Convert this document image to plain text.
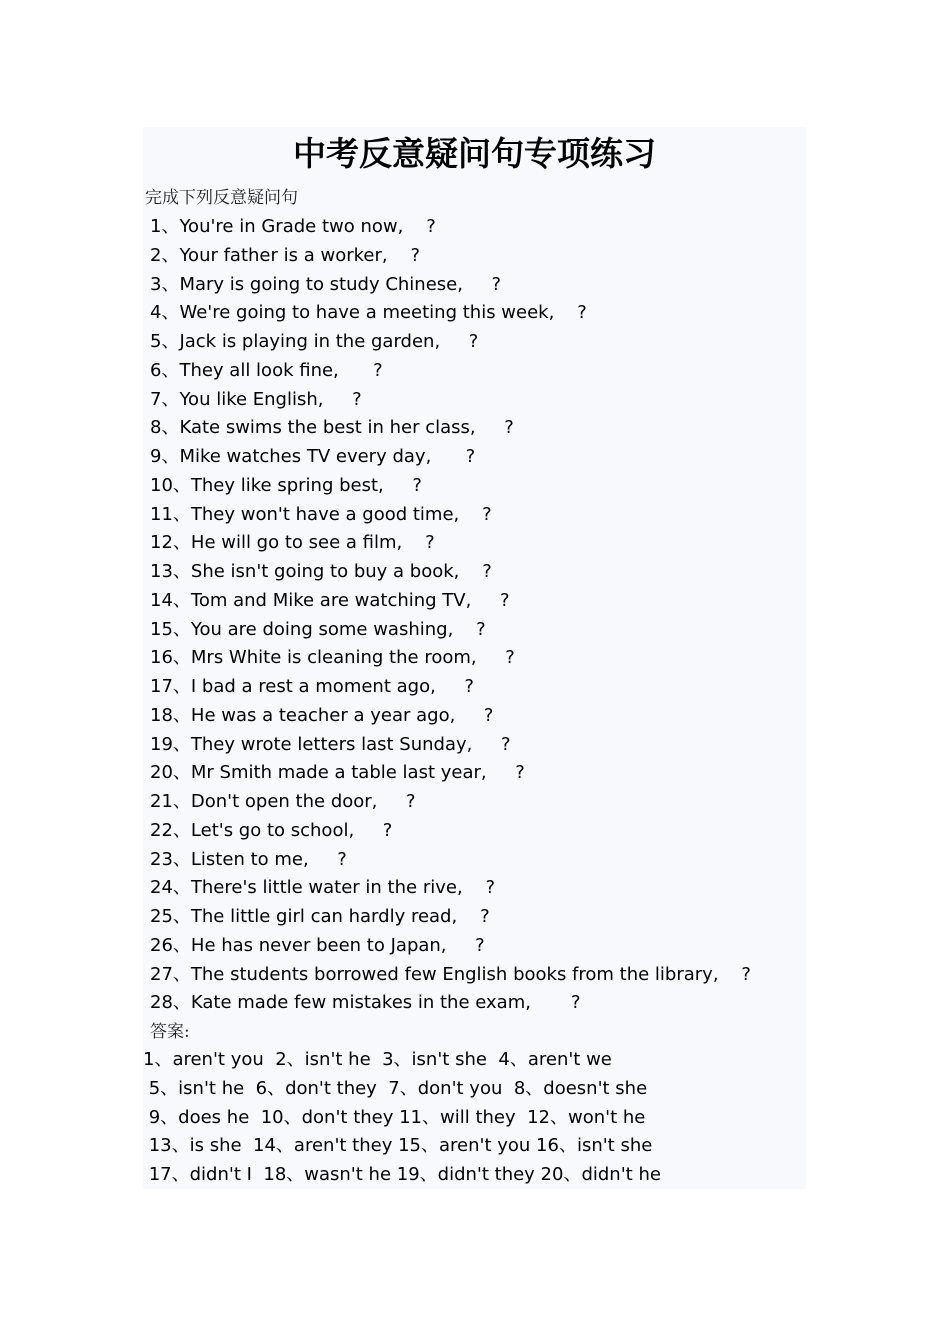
中考反意疑问句专项练习

完成下列反意疑问句

1、You're in Grade two now,    ?
2、Your father is a worker,    ?
3、Mary is going to study Chinese,     ?
4、We're going to have a meeting this week,    ?
5、Jack is playing in the garden,     ?
6、They all look fine,      ?
7、You like English,     ?
8、Kate swims the best in her class,     ?
9、Mike watches TV every day,      ?
10、They like spring best,     ?
11、They won't have a good time,    ?
12、He will go to see a film,    ?
13、She isn't going to buy a book,    ?
14、Tom and Mike are watching TV,     ?
15、You are doing some washing,    ?
16、Mrs White is cleaning the room,     ?
17、I bad a rest a moment ago,     ?
18、He was a teacher a year ago,     ?
19、They wrote letters last Sunday,     ?
20、Mr Smith made a table last year,     ?
21、Don't open the door,     ?
22、Let's go to school,     ?
23、Listen to me,     ?
24、There's little water in the rive,    ?
25、The little girl can hardly read,    ?
26、He has never been to Japan,     ?
27、The students borrowed few English books from the library,    ?
28、Kate made few mistakes in the exam,       ?

答案:

1、aren't you  2、isn't he  3、isn't she  4、aren't we
5、isn't he  6、don't they  7、don't you  8、doesn't she
9、does he  10、don't they 11、will they  12、won't he
13、is she  14、aren't they 15、aren't you 16、isn't she
17、didn't I  18、wasn't he 19、didn't they 20、didn't he
